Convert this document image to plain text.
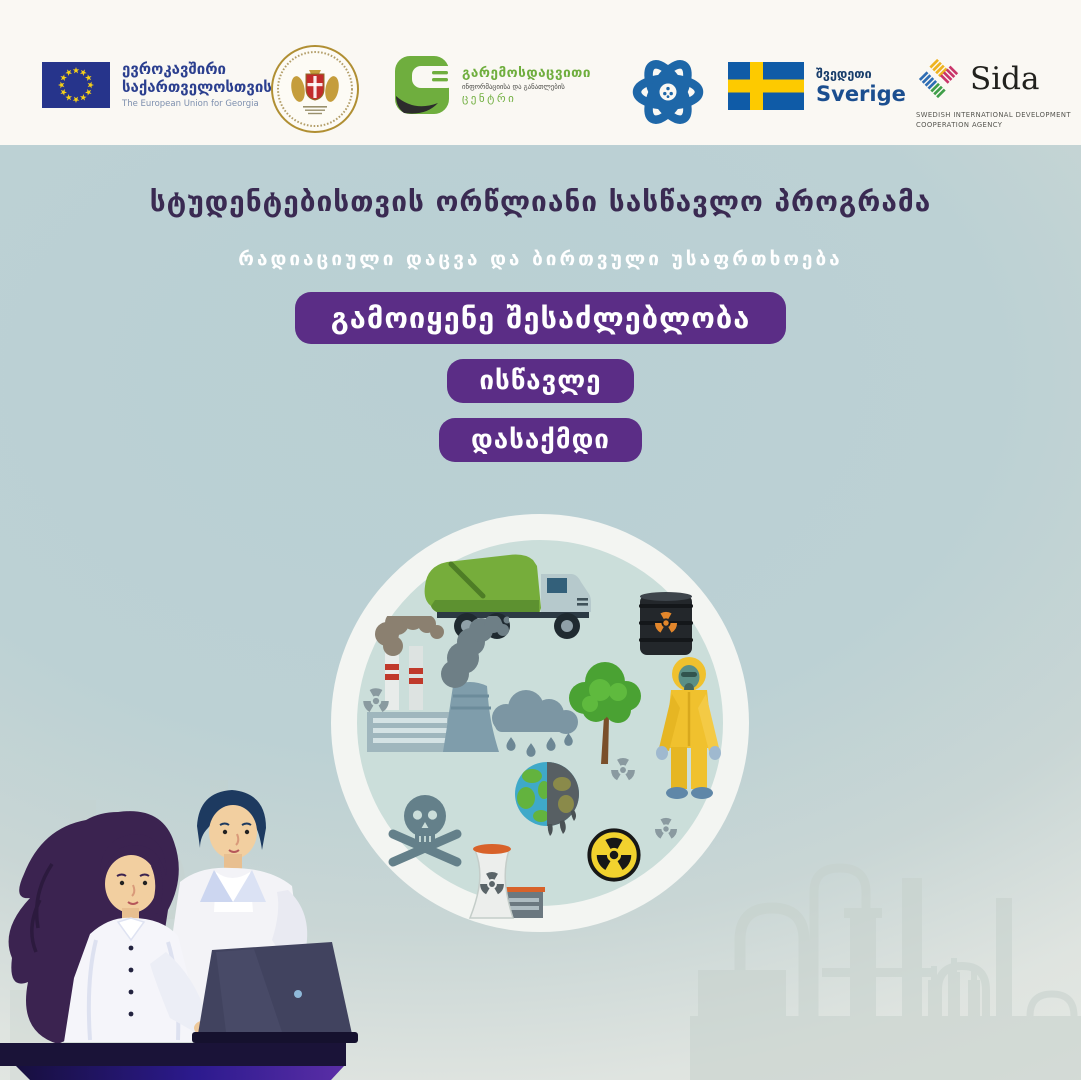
ევროკავშირი
საქართველოსთვის
The European Union for Georgia
გარემოსდაცვითი
ინფორმაციისა და განათლების
ცენტრი
შვედეთი
Sverige Sida
SWEDISH INTERNATIONAL DEVELOPMENT
COOPERATION AGENCY
სტუდენტებისთვის ორწლიანი სასწავლო პროგრამა
რადიაციული დაცვა და ბირთვული უსაფრთხოება
გამოიყენე შესაძლებლობა
ისწავლე
დასაქმდი
